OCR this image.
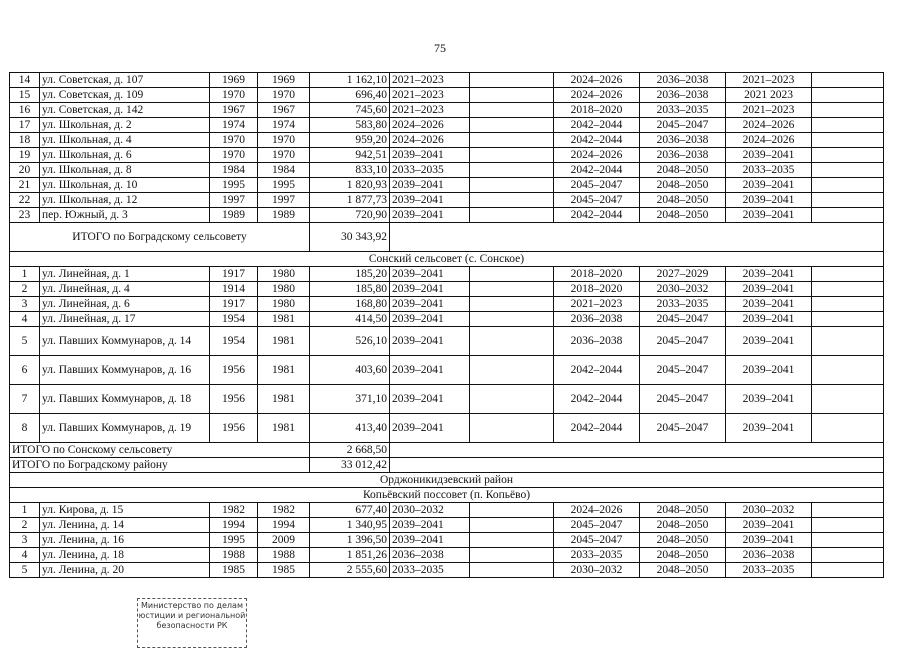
75
14	ул. Советская, д. 107	1969	1969	1 162,10	2021–2023		2024–2026	2036–2038	2021–2023	
15	ул. Советская, д. 109	1970	1970	696,40	2021–2023		2024–2026	2036–2038	2021 2023	
16	ул. Советская, д. 142	1967	1967	745,60	2021–2023		2018–2020	2033–2035	2021–2023	
17	ул. Школьная, д. 2	1974	1974	583,80	2024–2026		2042–2044	2045–2047	2024–2026	
18	ул. Школьная, д. 4	1970	1970	959,20	2024–2026		2042–2044	2036–2038	2024–2026	
19	ул. Школьная, д. 6	1970	1970	942,51	2039–2041		2024–2026	2036–2038	2039–2041	
20	ул. Школьная, д. 8	1984	1984	833,10	2033–2035		2042–2044	2048–2050	2033–2035	
21	ул. Школьная, д. 10	1995	1995	1 820,93	2039–2041		2045–2047	2048–2050	2039–2041	
22	ул. Школьная, д. 12	1997	1997	1 877,73	2039–2041		2045–2047	2048–2050	2039–2041	
23	пер. Южный, д. 3	1989	1989	720,90	2039–2041		2042–2044	2048–2050	2039–2041	
ИТОГО по Боградскому сельсовету				30 343,92						
Сонский сельсовет (с. Сонское)										
1	ул. Линейная, д. 1	1917	1980	185,20	2039–2041		2018–2020	2027–2029	2039–2041	
2	ул. Линейная, д. 4	1914	1980	185,80	2039–2041		2018–2020	2030–2032	2039–2041	
3	ул. Линейная, д. 6	1917	1980	168,80	2039–2041		2021–2023	2033–2035	2039–2041	
4	ул. Линейная, д. 17	1954	1981	414,50	2039–2041		2036–2038	2045–2047	2039–2041	
5	ул. Павших Коммунаров, д. 14	1954	1981	526,10	2039–2041		2036–2038	2045–2047	2039–2041	
6	ул. Павших Коммунаров, д. 16	1956	1981	403,60	2039–2041		2042–2044	2045–2047	2039–2041	
7	ул. Павших Коммунаров, д. 18	1956	1981	371,10	2039–2041		2042–2044	2045–2047	2039–2041	
8	ул. Павших Коммунаров, д. 19	1956	1981	413,40	2039–2041		2042–2044	2045–2047	2039–2041	
ИТОГО по Сонскому сельсовету				2 668,50						
ИТОГО по Боградскому району				33 012,42						
Орджоникидзевский район										
Копьёвский поссовет (п. Копьёво)										
1	ул. Кирова, д. 15	1982	1982	677,40	2030–2032		2024–2026	2048–2050	2030–2032	
2	ул. Ленина, д. 14	1994	1994	1 340,95	2039–2041		2045–2047	2048–2050	2039–2041	
3	ул. Ленина, д. 16	1995	2009	1 396,50	2039–2041		2045–2047	2048–2050	2039–2041	
4	ул. Ленина, д. 18	1988	1988	1 851,26	2036–2038		2033–2035	2048–2050	2036–2038	
5	ул. Ленина, д. 20	1985	1985	2 555,60	2033–2035		2030–2032	2048–2050	2033–2035	
Министерство по делам
юстиции и региональной
безопасности РК
